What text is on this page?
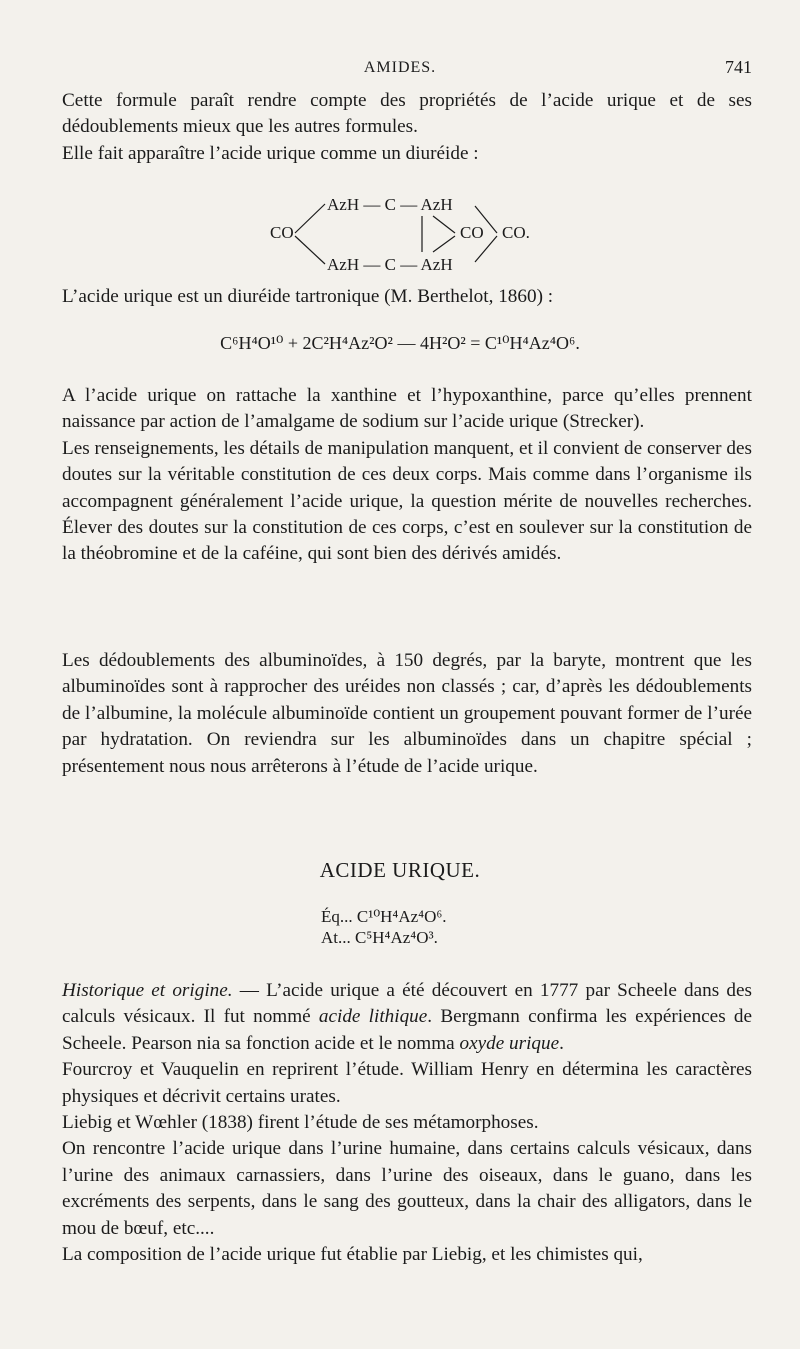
AMIDES.	741

Cette formule paraît rendre compte des propriétés de l’acide urique et de ses dédoublements mieux que les autres formules.

Elle fait apparaître l’acide urique comme un diuréide :

CO
AzH — C — AzH
AzH — C — AzH
CO CO.

L’acide urique est un diuréide tartronique (M. Berthelot, 1860) :

C⁶H⁴O¹⁰ + 2C²H⁴Az²O² — 4H²O² = C¹⁰H⁴Az⁴O⁶.

A l’acide urique on rattache la xanthine et l’hypoxanthine, parce qu’elles prennent naissance par action de l’amalgame de sodium sur l’acide urique (Strecker).

Les renseignements, les détails de manipulation manquent, et il convient de conserver des doutes sur la véritable constitution de ces deux corps. Mais comme dans l’organisme ils accompagnent généralement l’acide urique, la question mérite de nouvelles recherches. Élever des doutes sur la constitution de ces corps, c’est en soulever sur la constitution de la théobromine et de la caféine, qui sont bien des dérivés amidés.

Les dédoublements des albuminoïdes, à 150 degrés, par la baryte, montrent que les albuminoïdes sont à rapprocher des uréides non classés ; car, d’après les dédoublements de l’albumine, la molécule albuminoïde contient un groupement pouvant former de l’urée par hydratation. On reviendra sur les albuminoïdes dans un chapitre spécial ; présentement nous nous arrêterons à l’étude de l’acide urique.

ACIDE URIQUE.
Éq... C¹⁰H⁴Az⁴O⁶.
At... C⁵H⁴Az⁴O³.

Historique et origine. — L’acide urique a été découvert en 1777 par Scheele dans des calculs vésicaux. Il fut nommé acide lithique. Bergmann confirma les expériences de Scheele. Pearson nia sa fonction acide et le nomma oxyde urique.

Fourcroy et Vauquelin en reprirent l’étude. William Henry en détermina les caractères physiques et décrivit certains urates.

Liebig et Wœhler (1838) firent l’étude de ses métamorphoses.

On rencontre l’acide urique dans l’urine humaine, dans certains calculs vésicaux, dans l’urine des animaux carnassiers, dans l’urine des oiseaux, dans le guano, dans les excréments des serpents, dans le sang des goutteux, dans la chair des alligators, dans le mou de bœuf, etc....

La composition de l’acide urique fut établie par Liebig, et les chimistes qui,
